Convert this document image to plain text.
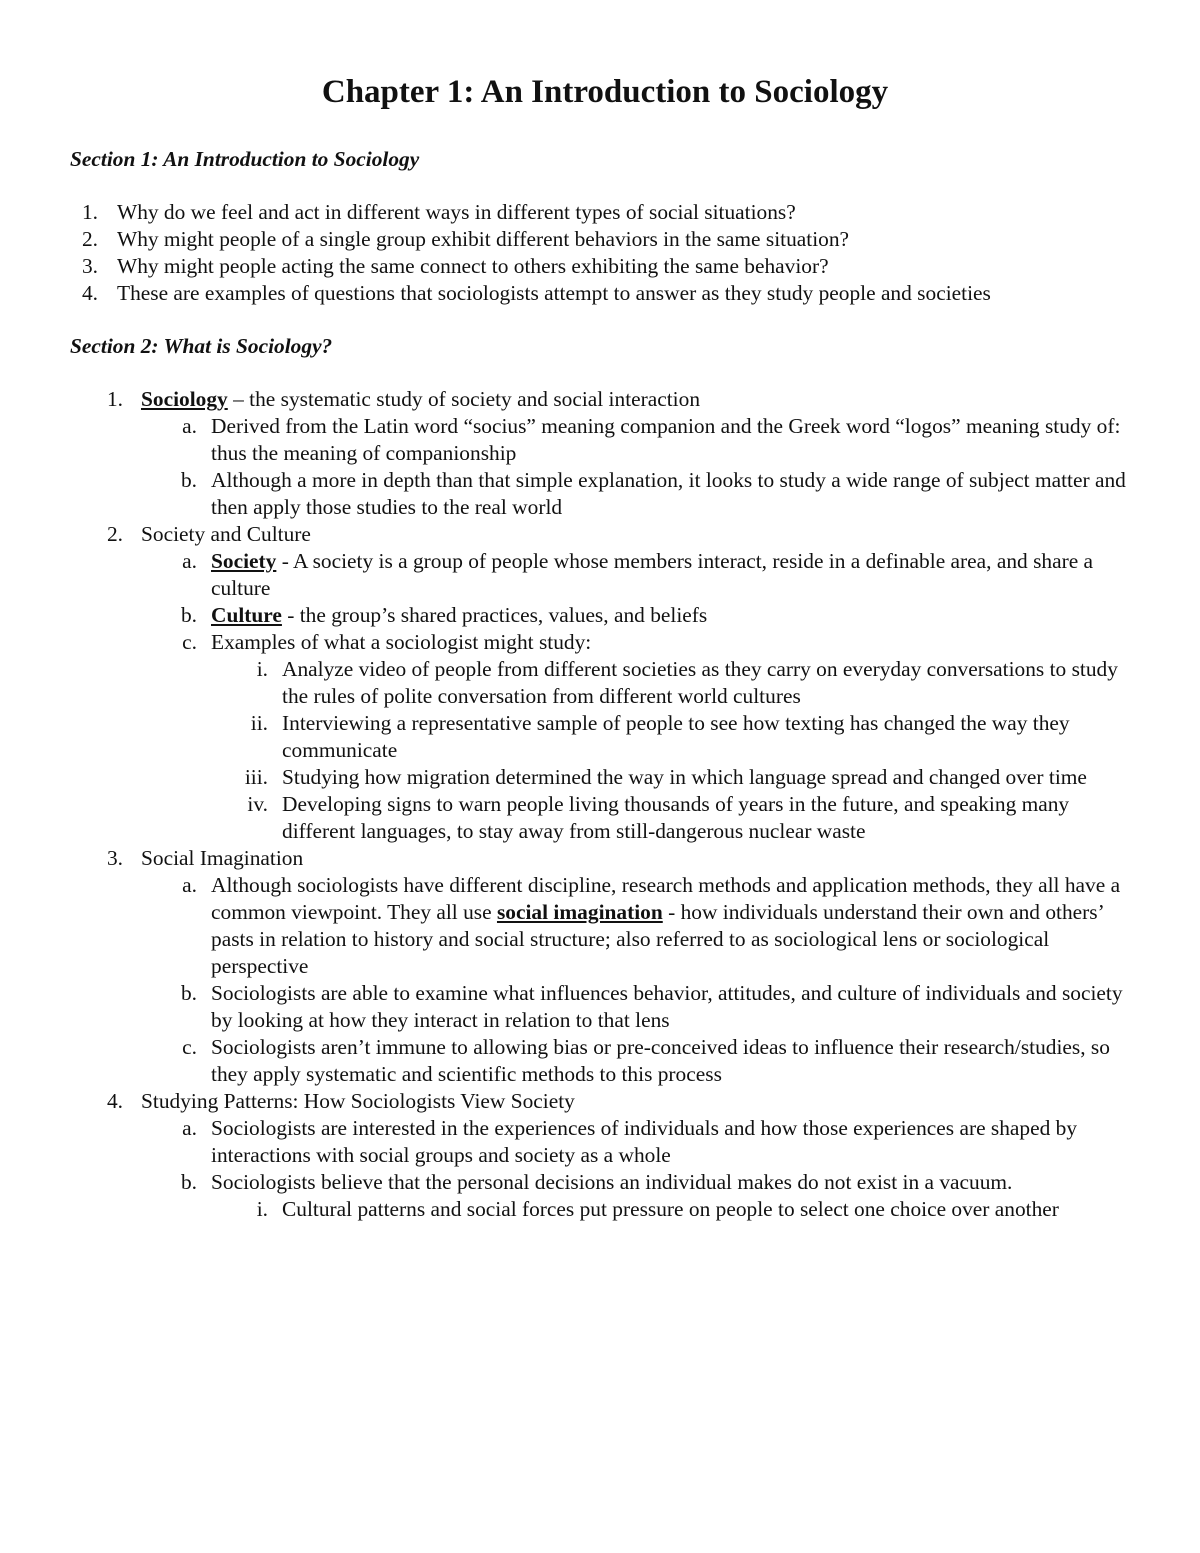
Chapter 1: An Introduction to Sociology

Section 1: An Introduction to Sociology

1. Why do we feel and act in different ways in different types of social situations?
2. Why might people of a single group exhibit different behaviors in the same situation?
3. Why might people acting the same connect to others exhibiting the same behavior?
4. These are examples of questions that sociologists attempt to answer as they study people and societies

Section 2: What is Sociology?

1. Sociology – the systematic study of society and social interaction
a. Derived from the Latin word “socius” meaning companion and the Greek word “logos” meaning study of: thus the meaning of companionship
b. Although a more in depth than that simple explanation, it looks to study a wide range of subject matter and then apply those studies to the real world
2. Society and Culture
a. Society - A society is a group of people whose members interact, reside in a definable area, and share a culture
b. Culture - the group’s shared practices, values, and beliefs
c. Examples of what a sociologist might study:
i. Analyze video of people from different societies as they carry on everyday conversations to study the rules of polite conversation from different world cultures
ii. Interviewing a representative sample of people to see how texting has changed the way they communicate
iii. Studying how migration determined the way in which language spread and changed over time
iv. Developing signs to warn people living thousands of years in the future, and speaking many different languages, to stay away from still-dangerous nuclear waste
3. Social Imagination
a. Although sociologists have different discipline, research methods and application methods, they all have a common viewpoint. They all use social imagination - how individuals understand their own and others’ pasts in relation to history and social structure; also referred to as sociological lens or sociological perspective
b. Sociologists are able to examine what influences behavior, attitudes, and culture of individuals and society by looking at how they interact in relation to that lens
c. Sociologists aren’t immune to allowing bias or pre-conceived ideas to influence their research/studies, so they apply systematic and scientific methods to this process
4. Studying Patterns: How Sociologists View Society
a. Sociologists are interested in the experiences of individuals and how those experiences are shaped by interactions with social groups and society as a whole
b. Sociologists believe that the personal decisions an individual makes do not exist in a vacuum.
i. Cultural patterns and social forces put pressure on people to select one choice over another
